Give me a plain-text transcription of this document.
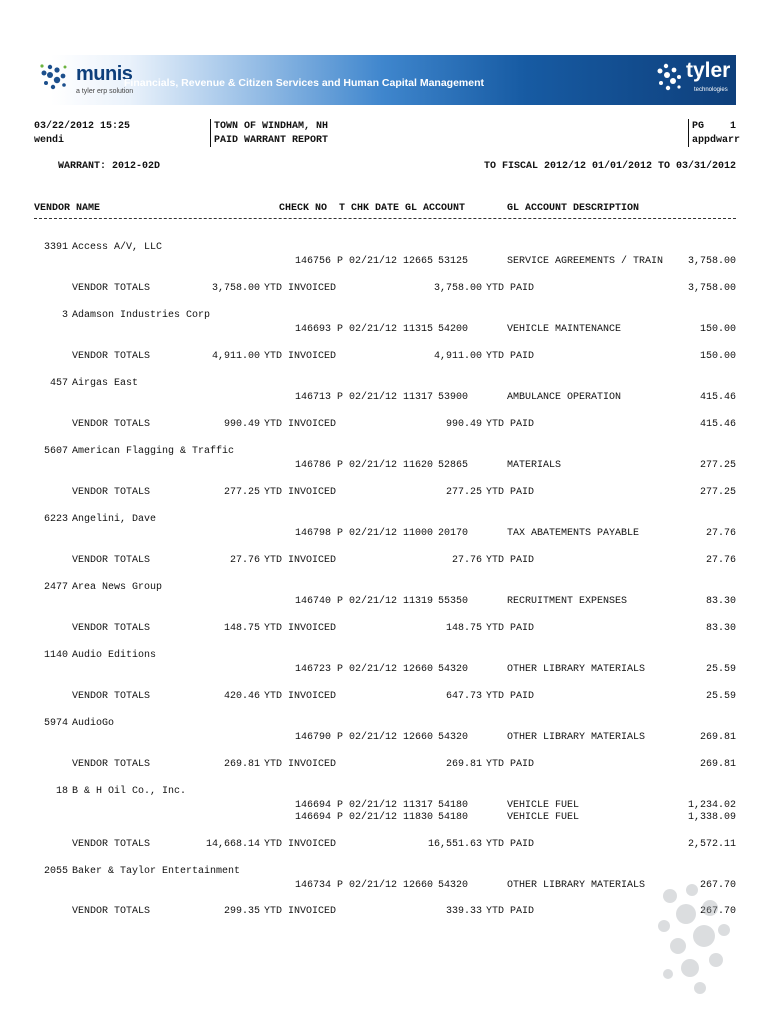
munis
a tyler erp solution
Financials, Revenue & Citizen Services and Human Capital Management
tyler
technologies
03/22/2012 15:25
wendi
TOWN OF WINDHAM, NH
PAID WARRANT REPORT
PG	1
appdwarr
WARRANT: 2012-02D	TO FISCAL 2012/12 01/01/2012 TO 03/31/2012
VENDOR NAME	CHECK NO  T CHK DATE GL ACCOUNT	GL ACCOUNT DESCRIPTION
3391 Access A/V, LLC
146756 P 02/21/12 12665 53125	SERVICE AGREEMENTS / TRAIN	3,758.00
VENDOR TOTALS	3,758.00 YTD INVOICED	3,758.00 YTD PAID	3,758.00
3 Adamson Industries Corp
146693 P 02/21/12 11315 54200	VEHICLE MAINTENANCE	150.00
VENDOR TOTALS	4,911.00 YTD INVOICED	4,911.00 YTD PAID	150.00
457 Airgas East
146713 P 02/21/12 11317 53900	AMBULANCE OPERATION	415.46
VENDOR TOTALS	990.49 YTD INVOICED	990.49 YTD PAID	415.46
5607 American Flagging & Traffic
146786 P 02/21/12 11620 52865	MATERIALS	277.25
VENDOR TOTALS	277.25 YTD INVOICED	277.25 YTD PAID	277.25
6223 Angelini, Dave
146798 P 02/21/12 11000 20170	TAX ABATEMENTS PAYABLE	27.76
VENDOR TOTALS	27.76 YTD INVOICED	27.76 YTD PAID	27.76
2477 Area News Group
146740 P 02/21/12 11319 55350	RECRUITMENT EXPENSES	83.30
VENDOR TOTALS	148.75 YTD INVOICED	148.75 YTD PAID	83.30
1140 Audio Editions
146723 P 02/21/12 12660 54320	OTHER LIBRARY MATERIALS	25.59
VENDOR TOTALS	420.46 YTD INVOICED	647.73 YTD PAID	25.59
5974 AudioGo
146790 P 02/21/12 12660 54320	OTHER LIBRARY MATERIALS	269.81
VENDOR TOTALS	269.81 YTD INVOICED	269.81 YTD PAID	269.81
18 B & H Oil Co., Inc.
146694 P 02/21/12 11317 54180	VEHICLE FUEL	1,234.02
146694 P 02/21/12 11830 54180	VEHICLE FUEL	1,338.09
VENDOR TOTALS	14,668.14 YTD INVOICED	16,551.63 YTD PAID	2,572.11
2055 Baker & Taylor Entertainment
146734 P 02/21/12 12660 54320	OTHER LIBRARY MATERIALS	267.70
VENDOR TOTALS	299.35 YTD INVOICED	339.33 YTD PAID	267.70
